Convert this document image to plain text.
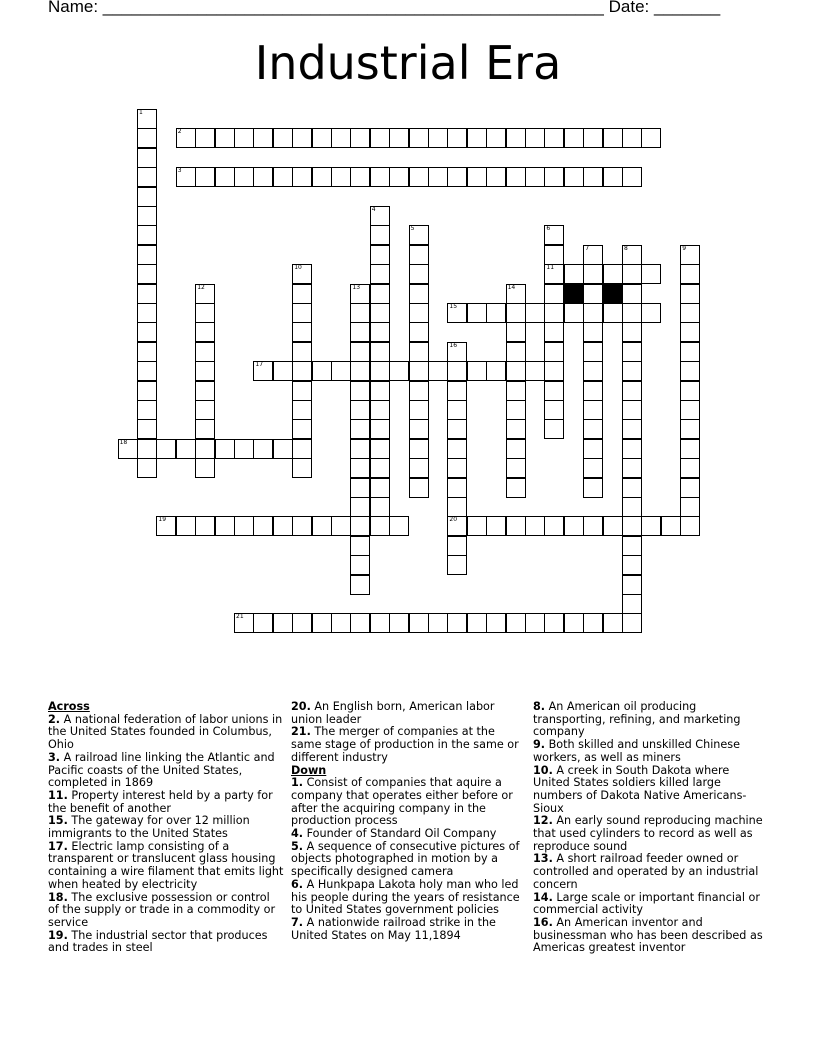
Name: _____________________________________________________ Date: _______
Industrial Era
1
2
3
4
5	6
11
7	8	9
10
12	13	14
15
16
20
17
18
19
21
Across
2. A national federation of labor unions in the United States founded in Columbus, Ohio
3. A railroad line linking the Atlantic and Pacific coasts of the United States, completed in 1869
11. Property interest held by a party for the benefit of another
15. The gateway for over 12 million immigrants to the United States
17. Electric lamp consisting of a transparent or translucent glass housing containing a wire filament that emits light when heated by electricity
18. The exclusive possession or control of the supply or trade in a commodity or service
19. The industrial sector that produces and trades in steel
20. An English born, American labor union leader
21. The merger of companies at the same stage of production in the same or different industry
Down
1. Consist of companies that aquire a company that operates either before or after the acquiring company in the production process
4. Founder of Standard Oil Company
5. A sequence of consecutive pictures of objects photographed in motion by a specifically designed camera
6. A Hunkpapa Lakota holy man who led his people during the years of resistance to United States government policies
7. A nationwide railroad strike in the United States on May 11,1894
8. An American oil producing transporting, refining, and marketing company
9. Both skilled and unskilled Chinese workers, as well as miners
10. A creek in South Dakota where United States soldiers killed large numbers of Dakota Native Americans-Sioux
12. An early sound reproducing machine that used cylinders to record as well as reproduce sound
13. A short railroad feeder owned or controlled and operated by an industrial concern
14. Large scale or important financial or commercial activity
16. An American inventor and businessman who has been described as Americas greatest inventor
